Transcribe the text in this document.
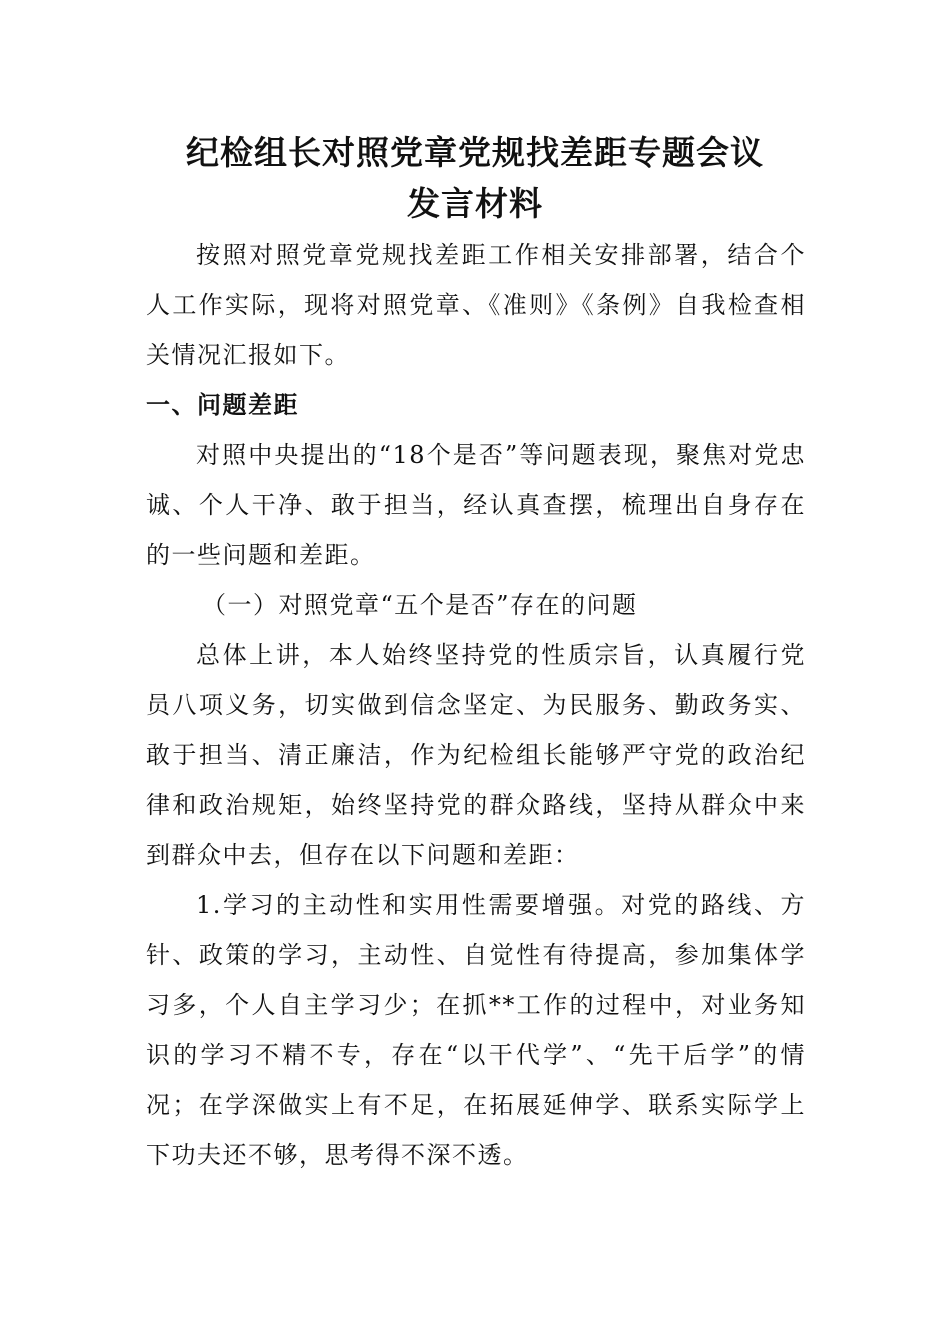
纪检组长对照党章党规找差距专题会议
发言材料

按照对照党章党规找差距工作相关安排部署，结合个人工作实际，现将对照党章、《准则》《条例》自我检查相关情况汇报如下。

一、问题差距

对照中央提出的“18个是否”等问题表现，聚焦对党忠诚、个人干净、敢于担当，经认真查摆，梳理出自身存在的一些问题和差距。

（一）对照党章“五个是否”存在的问题

总体上讲，本人始终坚持党的性质宗旨，认真履行党员八项义务，切实做到信念坚定、为民服务、勤政务实、敢于担当、清正廉洁，作为纪检组长能够严守党的政治纪律和政治规矩，始终坚持党的群众路线，坚持从群众中来到群众中去，但存在以下问题和差距：

1.学习的主动性和实用性需要增强。对党的路线、方针、政策的学习，主动性、自觉性有待提高，参加集体学习多，个人自主学习少；在抓**工作的过程中，对业务知识的学习不精不专，存在“以干代学”、“先干后学”的情况；在学深做实上有不足，在拓展延伸学、联系实际学上下功夫还不够，思考得不深不透。
